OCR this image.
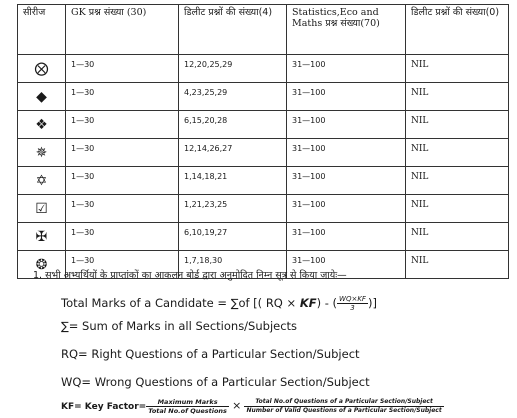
सीरीज	GK प्रश्न संख्या (30)	डिलीट प्रश्नों की संख्या(4)	Statistics,Eco and Maths प्रश्न संख्या(70)	डिलीट प्रश्नों की संख्या(0)
⨂	1—30	12,20,25,29	31—100	NIL
◆	1—30	4,23,25,29	31—100	NIL
❖	1—30	6,15,20,28	31—100	NIL
✵	1—30	12,14,26,27	31—100	NIL
✡	1—30	1,14,18,21	31—100	NIL
☑	1—30	1,21,23,25	31—100	NIL
✠	1—30	6,10,19,27	31—100	NIL
❂	1—30	1,7,18,30	31—100	NIL
1. सभी अभ्यर्थियों के प्राप्तांकों का आकलन बोर्ड द्वारा अनुमोदित निम्न सूत्र से किया जायेः—
Total Marks of a Candidate = ∑of [( RQ × KF) - ( $\frac{WQ\times KF}{3}$ )]
∑= Sum of Marks in all Sections/Subjects
RQ= Right Questions of a Particular Section/Subject
WQ= Wrong Questions of a Particular Section/Subject
KF= Key Factor= $\frac{\text{Maximum Marks}}{\text{Total No.of Questions}} \times \frac{\text{Total No.of Questions of a Particular Section/Subject}}{\text{Number of Valid Questions of a Particular Section/Subject}}$
